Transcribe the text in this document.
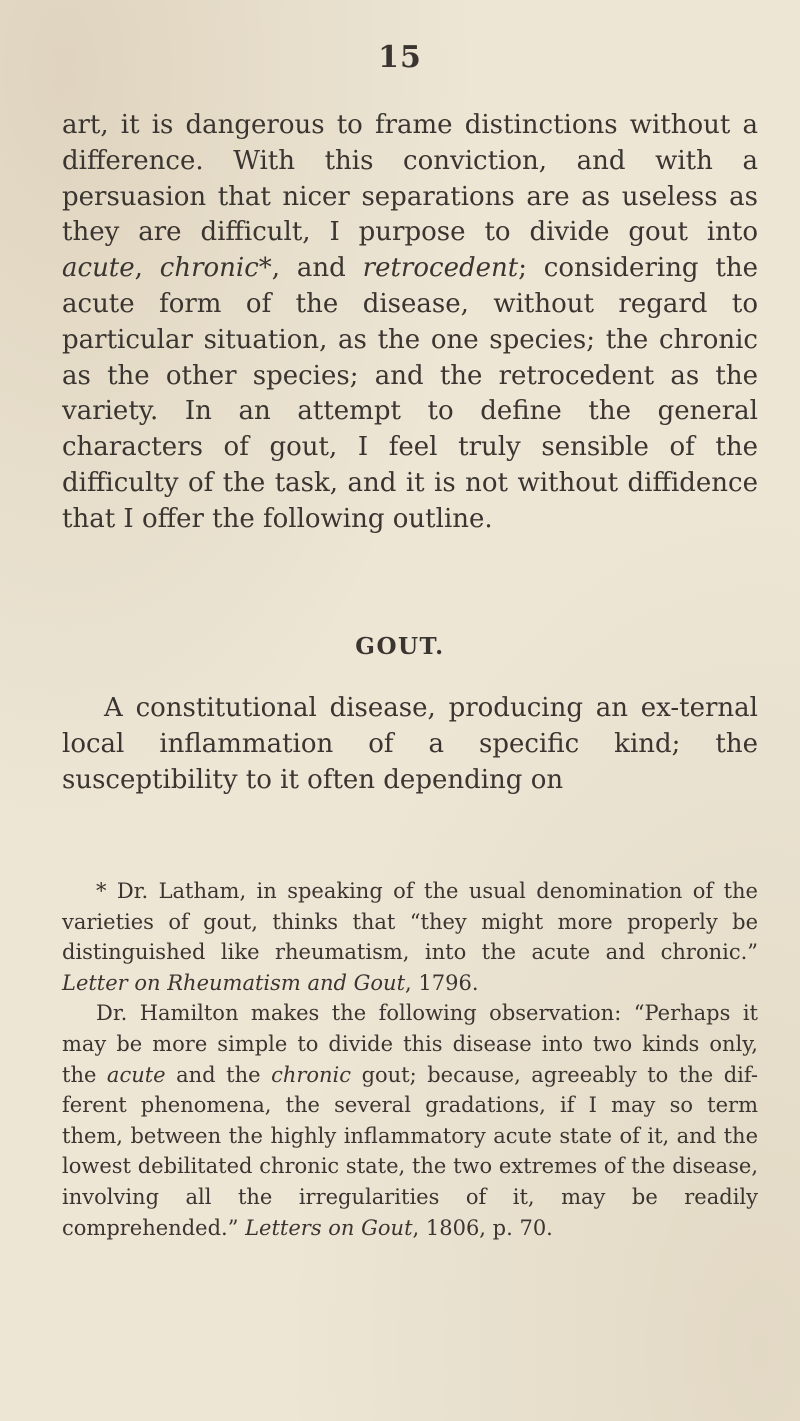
15

art, it is dangerous to frame distinctions without a difference. With this conviction, and with a persuasion that nicer separations are as useless as they are difficult, I purpose to divide gout into acute, chronic*, and retrocedent; considering the acute form of the disease, without regard to particular situation, as the one species; the chronic as the other species; and the retrocedent as the variety. In an attempt to define the general characters of gout, I feel truly sensible of the difficulty of the task, and it is not without diffidence that I offer the following outline.

GOUT.

A constitutional disease, producing an ex-ternal local inflammation of a specific kind; the susceptibility to it often depending on

* Dr. Latham, in speaking of the usual denomination of the varieties of gout, thinks that “they might more properly be distinguished like rheumatism, into the acute and chronic.” Letter on Rheumatism and Gout, 1796.

Dr. Hamilton makes the following observation: “Perhaps it may be more simple to divide this disease into two kinds only, the acute and the chronic gout; because, agreeably to the dif-ferent phenomena, the several gradations, if I may so term them, between the highly inflammatory acute state of it, and the lowest debilitated chronic state, the two extremes of the disease, involving all the irregularities of it, may be readily comprehended.” Letters on Gout, 1806, p. 70.
